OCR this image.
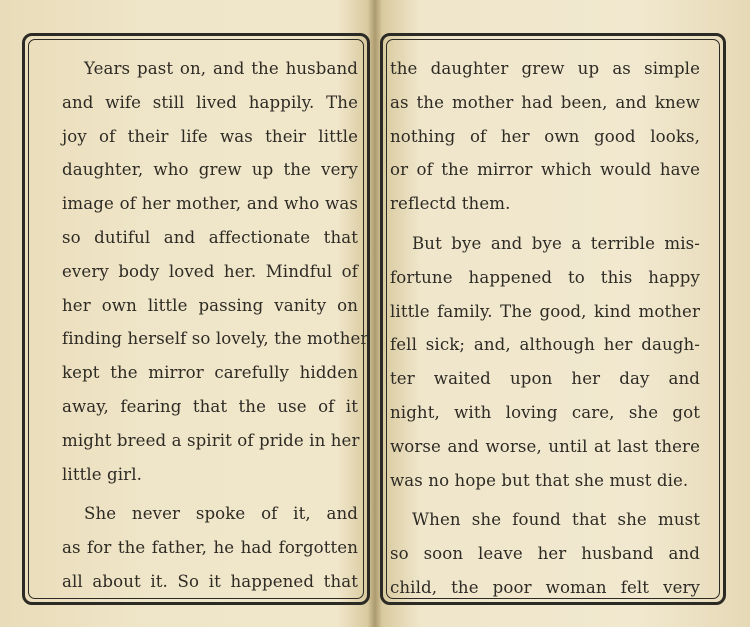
Years past on, and the husband
and wife still lived happily. The
joy of their life was their little
daughter, who grew up the very
image of her mother, and who was
so dutiful and affectionate that
every body loved her. Mindful of
her own little passing vanity on
finding herself so lovely, the mother
kept the mirror carefully hidden
away, fearing that the use of it
might breed a spirit of pride in her
little girl.
She never spoke of it, and
as for the father, he had forgotten
all about it. So it happened that
the daughter grew up as simple
as the mother had been, and knew
nothing of her own good looks,
or of the mirror which would have
reflectd them.
But bye and bye a terrible mis-
fortune happened to this happy
little family. The good, kind mother
fell sick; and, although her daugh-
ter waited upon her day and
night, with loving care, she got
worse and worse, until at last there
was no hope but that she must die.
When she found that she must
so soon leave her husband and
child, the poor woman felt very
